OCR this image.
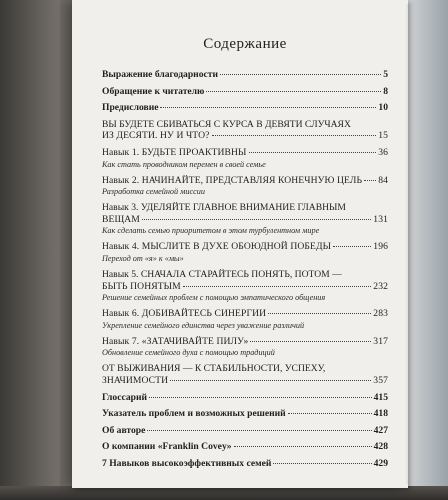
Содержание
Выражение благодарности	5
Обращение к читателю	8
Предисловие	10
ВЫ БУДЕТЕ СБИВАТЬСЯ С КУРСА В ДЕВЯТИ СЛУЧАЯХ
ИЗ ДЕСЯТИ. НУ И ЧТО?	15
Навык 1. БУДЬТЕ ПРОАКТИВНЫ	36
Как стать проводником перемен в своей семье
Навык 2. НАЧИНАЙТЕ, ПРЕДСТАВЛЯЯ КОНЕЧНУЮ ЦЕЛЬ 84
Разработка семейной миссии
Навык 3. УДЕЛЯЙТЕ ГЛАВНОЕ ВНИМАНИЕ ГЛАВНЫМ
ВЕЩАМ	131
Как сделать семью приоритетом в этом турбулентном мире
Навык 4. МЫСЛИТЕ В ДУХЕ ОБОЮДНОЙ ПОБЕДЫ	196
Переход от «я» к «мы»
Навык 5. СНАЧАЛА СТАРАЙТЕСЬ ПОНЯТЬ, ПОТОМ —
БЫТЬ ПОНЯТЫМ	232
Решение семейных проблем с помощью эмпатического общения
Навык 6. ДОБИВАЙТЕСЬ СИНЕРГИИ	283
Укрепление семейного единства через уважение различий
Навык 7. «ЗАТАЧИВАЙТЕ ПИЛУ»	317
Обновление семейного духа с помощью традиций
ОТ ВЫЖИВАНИЯ — К СТАБИЛЬНОСТИ, УСПЕХУ,
ЗНАЧИМОСТИ	357
Глоссарий	415
Указатель проблем и возможных решений	418
Об авторе	427
О компании «Franklin Covey»	428
7 Навыков высокоэффективных семей	429
